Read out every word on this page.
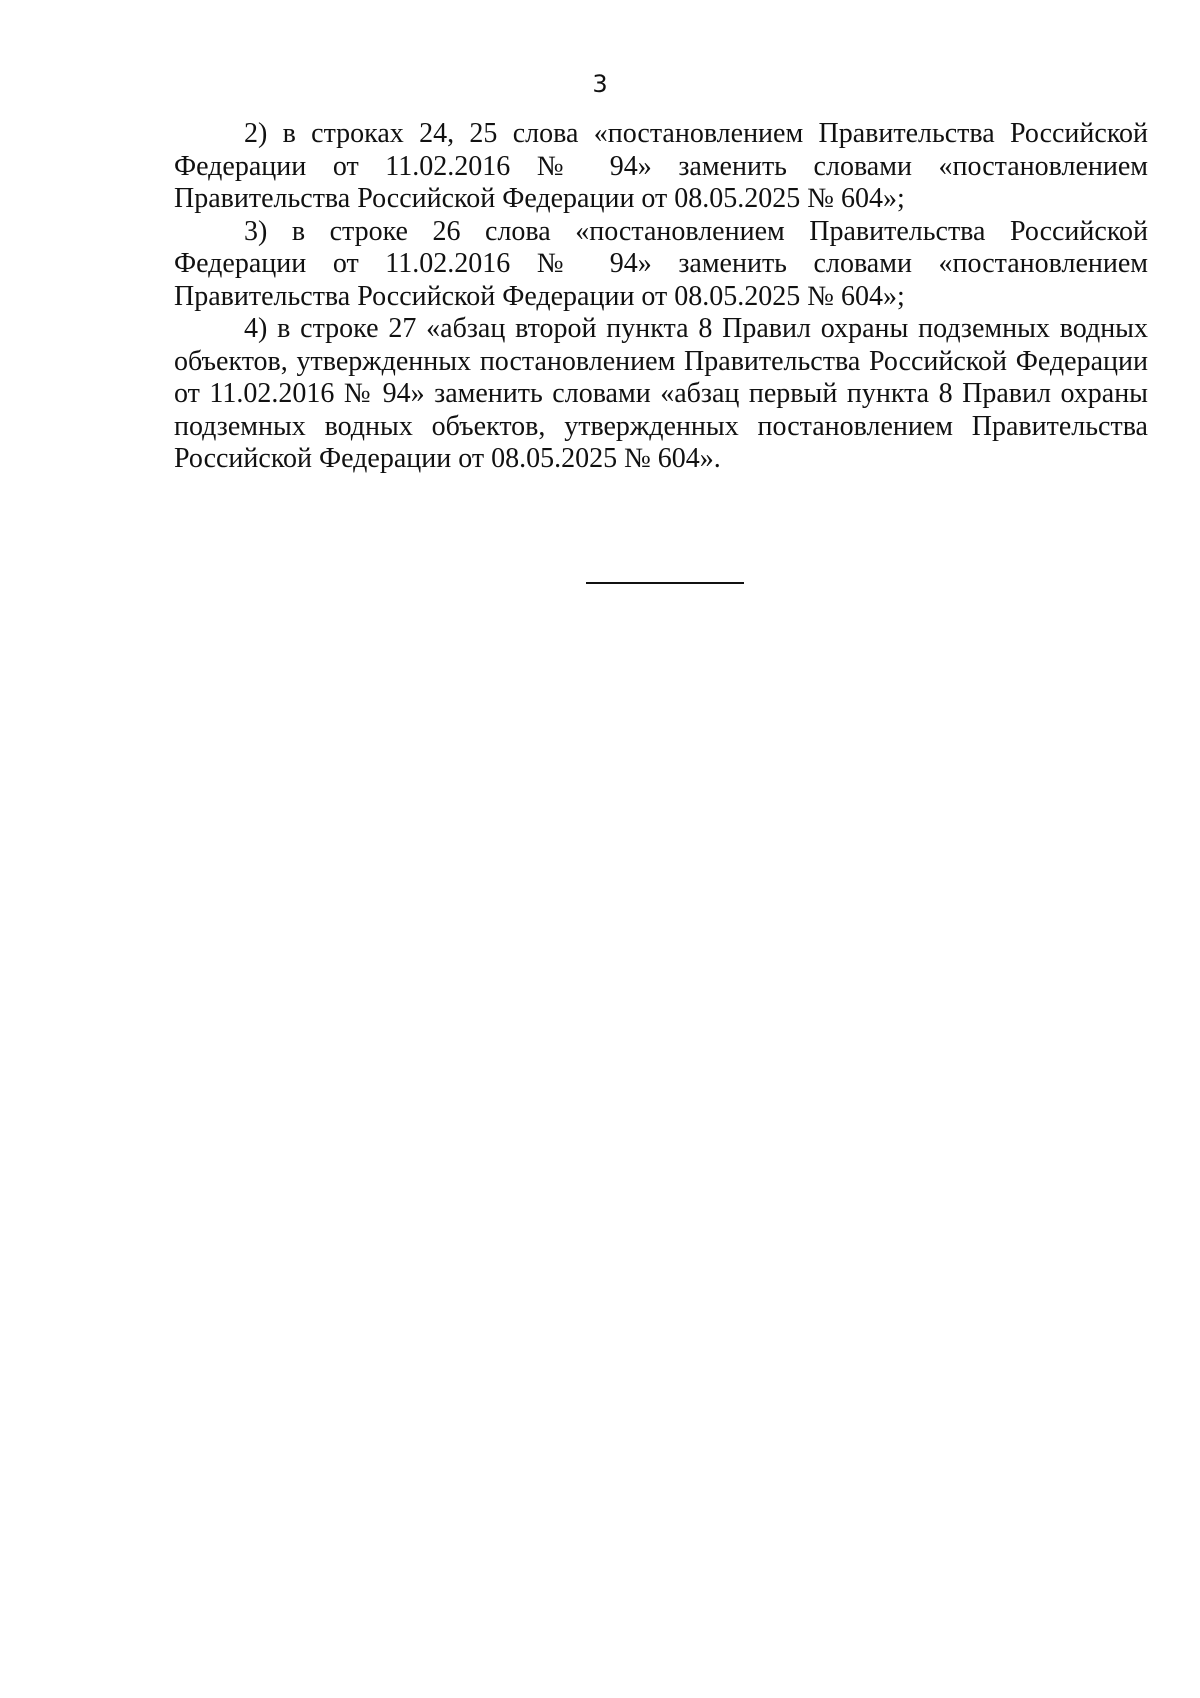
3

2) в строках 24, 25 слова «постановлением Правительства Российской Федерации от 11.02.2016 № 94» заменить словами «постановлением Правительства Российской Федерации от 08.05.2025 № 604»;

3) в строке 26 слова «постановлением Правительства Российской Федерации от 11.02.2016 № 94» заменить словами «постановлением Правительства Российской Федерации от 08.05.2025 № 604»;

4) в строке 27 «абзац второй пункта 8 Правил охраны подземных водных объектов, утвержденных постановлением Правительства Российской Федерации от 11.02.2016 № 94» заменить словами «абзац первый пункта 8 Правил охраны подземных водных объектов, утвержденных постановлением Правительства Российской Федерации от 08.05.2025 № 604».
